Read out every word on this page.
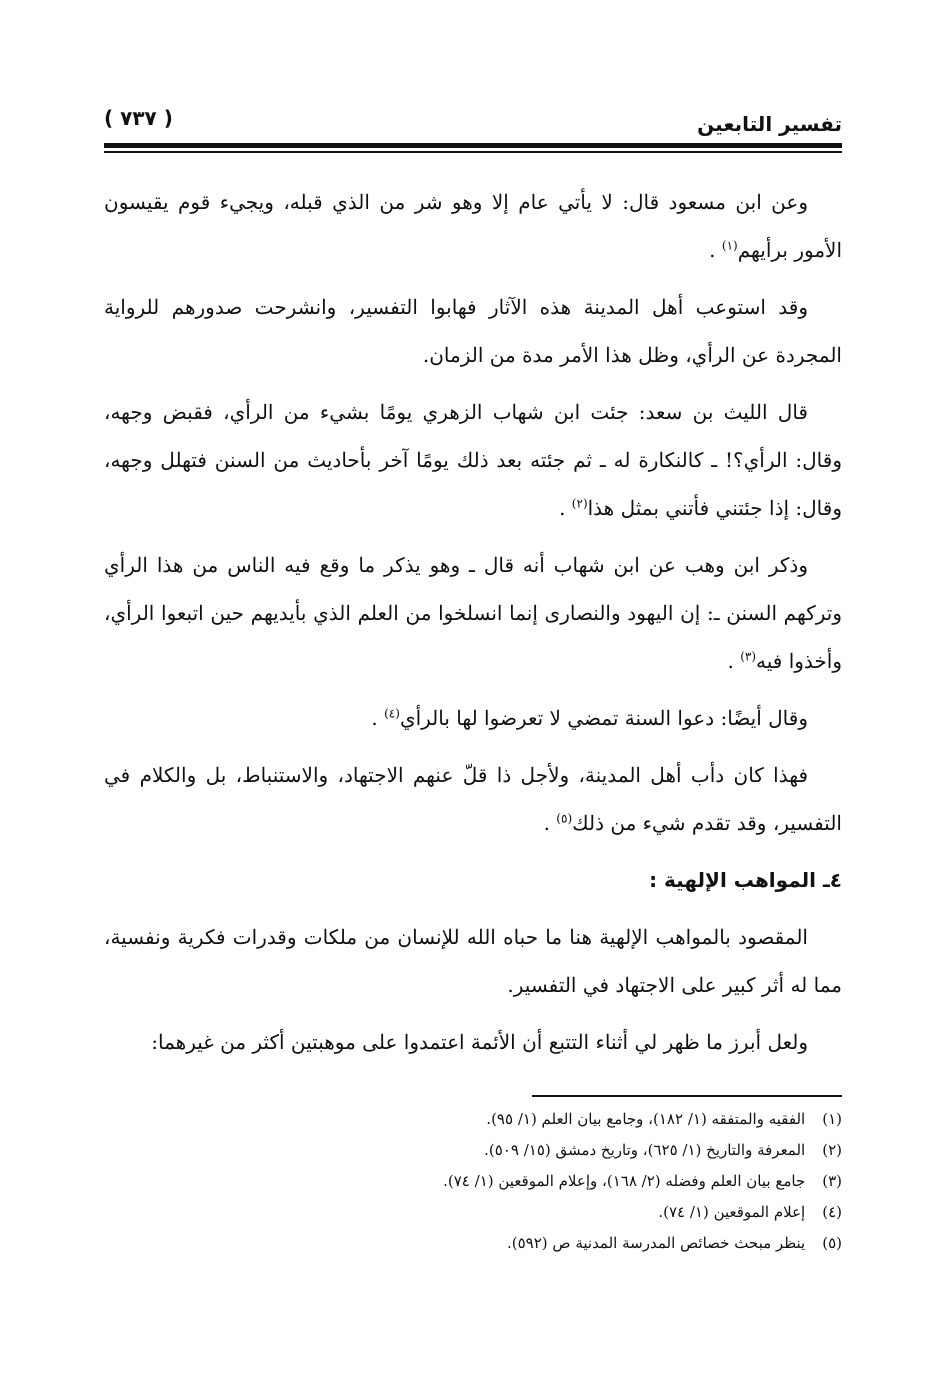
تفسير التابعين
( ٧٣٧ )

وعن ابن مسعود قال: لا يأتي عام إلا وهو شر من الذي قبله، ويجيء قوم يقيسون الأمور برأيهم$^{(١)}$ .

وقد استوعب أهل المدينة هذه الآثار فهابوا التفسير، وانشرحت صدورهم للرواية المجردة عن الرأي، وظل هذا الأمر مدة من الزمان.

قال الليث بن سعد: جئت ابن شهاب الزهري يومًا بشيء من الرأي، فقبض وجهه، وقال: الرأي؟! ـ كالنكارة له ـ ثم جئته بعد ذلك يومًا آخر بأحاديث من السنن فتهلل وجهه، وقال: إذا جئتني فأتني بمثل هذا$^{(٢)}$ .

وذكر ابن وهب عن ابن شهاب أنه قال ـ وهو يذكر ما وقع فيه الناس من هذا الرأي وتركهم السنن ـ: إن اليهود والنصارى إنما انسلخوا من العلم الذي بأيديهم حين اتبعوا الرأي، وأخذوا فيه$^{(٣)}$ .

وقال أيضًا: دعوا السنة تمضي لا تعرضوا لها بالرأي$^{(٤)}$ .

فهذا كان دأب أهل المدينة، ولأجل ذا قلّ عنهم الاجتهاد، والاستنباط، بل والكلام في التفسير، وقد تقدم شيء من ذلك$^{(٥)}$ .

٤ـ المواهب الإلهية :

المقصود بالمواهب الإلهية هنا ما حباه الله للإنسان من ملكات وقدرات فكرية ونفسية، مما له أثر كبير على الاجتهاد في التفسير.

ولعل أبرز ما ظهر لي أثناء التتبع أن الأئمة اعتمدوا على موهبتين أكثر من غيرهما:

(١) الفقيه والمتفقه (١/ ١٨٢)، وجامع بيان العلم (١/ ٩٥).
(٢) المعرفة والتاريخ (١/ ٦٢٥)، وتاريخ دمشق (١٥/ ٥٠٩).
(٣) جامع بيان العلم وفضله (٢/ ١٦٨)، وإعلام الموقعين (١/ ٧٤).
(٤) إعلام الموقعين (١/ ٧٤).
(٥) ينظر مبحث خصائص المدرسة المدنية ص (٥٩٢).
